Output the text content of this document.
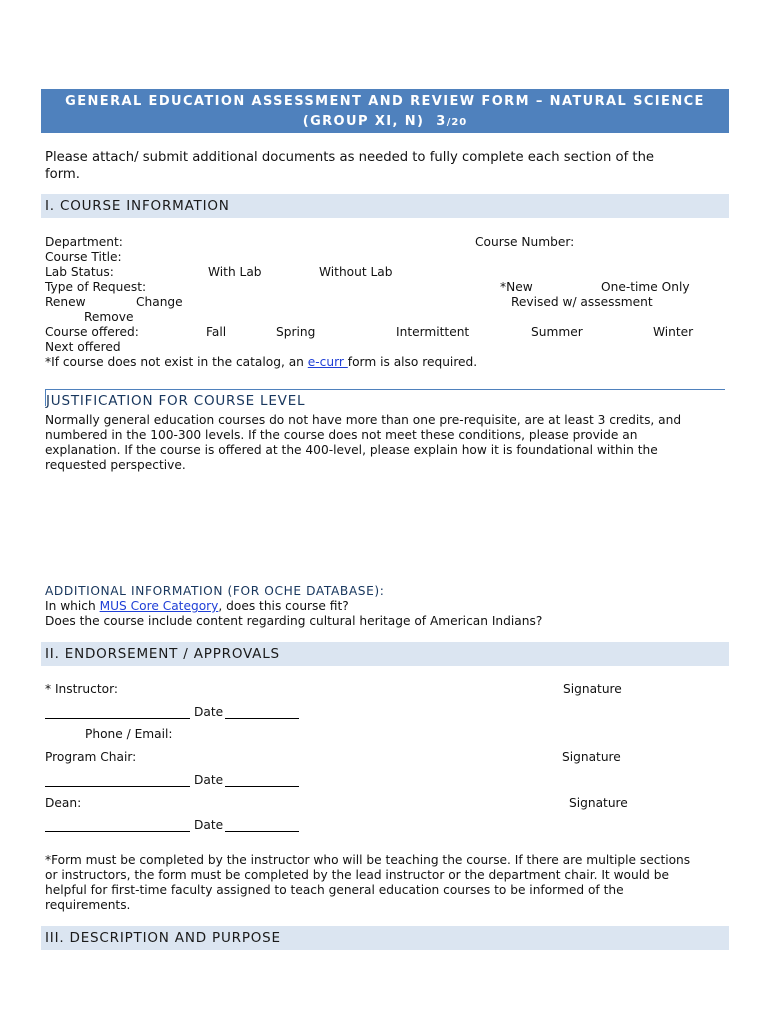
GENERAL EDUCATION ASSESSMENT AND REVIEW FORM – NATURAL SCIENCE
(GROUP XI, N) 3/20
Please attach/ submit additional documents as needed to fully complete each section of the
form.
I. COURSE INFORMATION
Department:	Course Number:
Course Title:
Lab Status:	With Lab	Without Lab
Type of Request:	*New	One-time Only
Renew	Change	Revised w/ assessment
Remove
Course offered:	Fall	Spring	Intermittent	Summer	Winter
Next offered
*If course does not exist in the catalog, an e-curr form is also required.
JUSTIFICATION FOR COURSE LEVEL
Normally general education courses do not have more than one pre-requisite, are at least 3 credits, and
numbered in the 100-300 levels. If the course does not meet these conditions, please provide an
explanation. If the course is offered at the 400-level, please explain how it is foundational within the
requested perspective.
ADDITIONAL INFORMATION (FOR OCHE DATABASE):
In which MUS Core Category, does this course fit?
Does the course include content regarding cultural heritage of American Indians?
II. ENDORSEMENT / APPROVALS
* Instructor:	Signature
Date
Phone / Email:
Program Chair:	Signature
Date
Dean:	Signature
Date
*Form must be completed by the instructor who will be teaching the course. If there are multiple sections
or instructors, the form must be completed by the lead instructor or the department chair. It would be
helpful for first-time faculty assigned to teach general education courses to be informed of the
requirements.
III. DESCRIPTION AND PURPOSE
